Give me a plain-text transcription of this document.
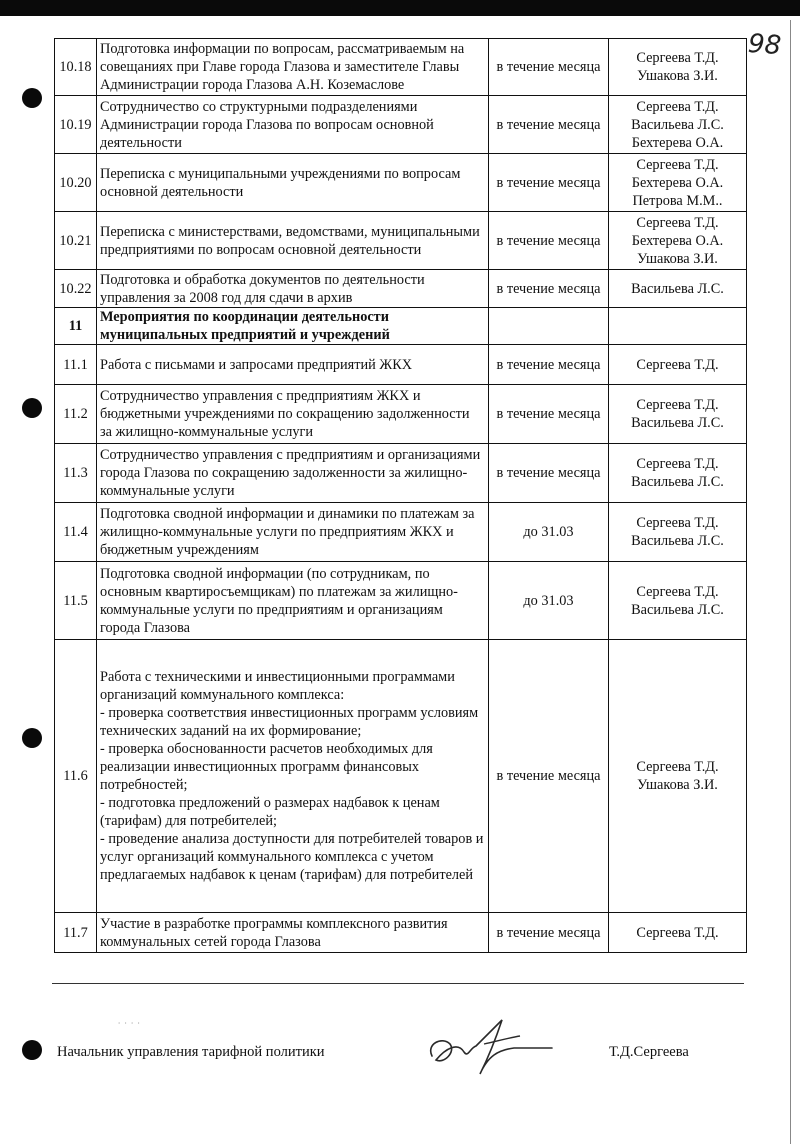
98
10.18	Подготовка информации по вопросам, рассматриваемым на совещаниях при Главе города Глазова и заместителе Главы Администрации города Глазова А.Н. Коземаслове	в течение месяца	Сергеева Т.Д.
Ушакова З.И.

10.19	Сотрудничество со структурными подразделениями Администрации города Глазова по вопросам основной деятельности	в течение месяца	Сергеева Т.Д.
Васильева Л.С.
Бехтерева О.А.

10.20	Переписка с муниципальными учреждениями по вопросам основной деятельности	в течение месяца	Сергеева Т.Д.
Бехтерева О.А.
Петрова М.М..

10.21	Переписка с министерствами, ведомствами, муниципальными предприятиями по вопросам основной деятельности	в течение месяца	Сергеева Т.Д.
Бехтерева О.А.
Ушакова З.И.

10.22	Подготовка и обработка документов по деятельности управления за 2008 год для сдачи в архив	в течение месяца	Васильева Л.С.

11	Мероприятия по координации деятельности муниципальных предприятий и учреждений		
11.1	Работа с письмами и запросами предприятий ЖКХ	в течение месяца	Сергеева Т.Д.

11.2	Сотрудничество управления с предприятиям ЖКХ и бюджетными учреждениями по сокращению задолженности за жилищно-коммунальные услуги	в течение месяца	Сергеева Т.Д.
Васильева Л.С.

11.3	Сотрудничество управления с предприятиям и организациями города Глазова по сокращению задолженности за жилищно-коммунальные услуги	в течение месяца	Сергеева Т.Д.
Васильева Л.С.

11.4	Подготовка сводной информации и динамики по платежам за жилищно-коммунальные услуги по предприятиям ЖКХ и бюджетным учреждениям	до 31.03	Сергеева Т.Д.
Васильева Л.С.

11.5	Подготовка сводной информации (по сотрудникам, по основным квартиросъемщикам) по платежам за жилищно-коммунальные услуги по предприятиям и организациям города Глазова	до 31.03	Сергеева Т.Д.
Васильева Л.С.

11.6	Работа с техническими и инвестиционными программами организаций коммунального комплекса:
- проверка соответствия инвестиционных программ условиям технических заданий на их формирование;
- проверка обоснованности расчетов необходимых для реализации инвестиционных программ финансовых потребностей;
- подготовка предложений о размерах надбавок к ценам (тарифам) для потребителей;
- проведение анализа доступности для потребителей товаров и услуг организаций коммунального комплекса с учетом предлагаемых надбавок к ценам (тарифам) для потребителей	в течение месяца	Сергеева Т.Д.
Ушакова З.И.

11.7	Участие в разработке программы комплексного развития коммунальных сетей города Глазова	в течение месяца	Сергеева Т.Д.
∙ ∙ ∙ ∙
Начальник управления тарифной политики	Т.Д.Сергеева
